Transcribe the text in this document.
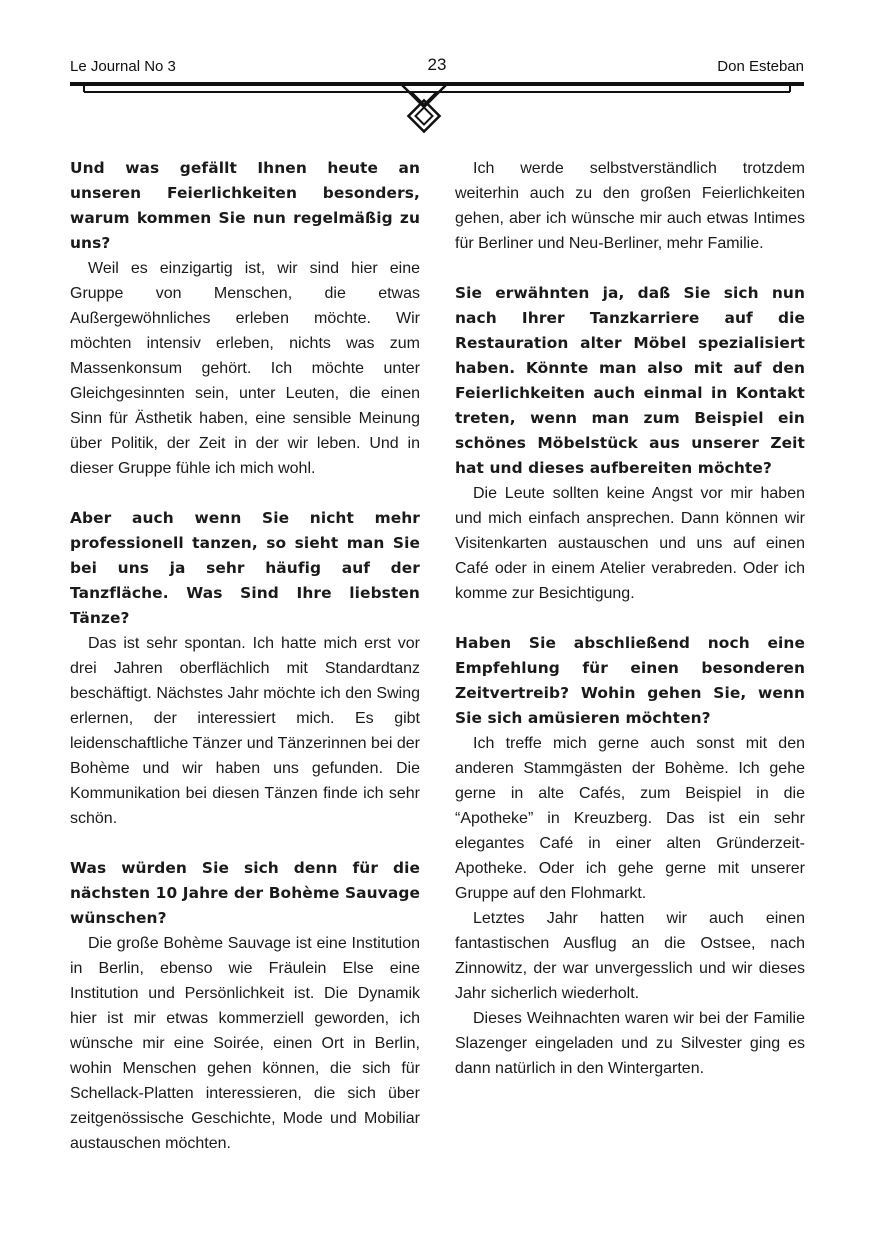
Le Journal No 3	23	Don Esteban

Und was gefällt Ihnen heute an unseren Feierlichkeiten besonders, warum kommen Sie nun regelmäßig zu uns?

Weil es einzigartig ist, wir sind hier eine Gruppe von Menschen, die etwas Außergewöhnliches erleben möchte. Wir möchten intensiv erleben, nichts was zum Massenkonsum gehört. Ich möchte unter Gleichgesinnten sein, unter Leuten, die einen Sinn für Ästhetik haben, eine sensible Meinung über Politik, der Zeit in der wir leben. Und in dieser Gruppe fühle ich mich wohl.

Aber auch wenn Sie nicht mehr professionell tanzen, so sieht man Sie bei uns ja sehr häufig auf der Tanzfläche. Was Sind Ihre liebsten Tänze?

Das ist sehr spontan. Ich hatte mich erst vor drei Jahren oberflächlich mit Standardtanz beschäftigt. Nächstes Jahr möchte ich den Swing erlernen, der interessiert mich. Es gibt leidenschaftliche Tänzer und Tänzerinnen bei der Bohème und wir haben uns gefunden. Die Kommunikation bei diesen Tänzen finde ich sehr schön.

Was würden Sie sich denn für die nächsten 10 Jahre der Bohème Sauvage wünschen?

Die große Bohème Sauvage ist eine Institution in Berlin, ebenso wie Fräulein Else eine Institution und Persönlichkeit ist. Die Dynamik hier ist mir etwas kommerziell geworden, ich wünsche mir eine Soirée, einen Ort in Berlin, wohin Menschen gehen können, die sich für Schellack-Platten interessieren, die sich über zeitgenössische Geschichte, Mode und Mobiliar austauschen möchten.

Ich werde selbstverständlich trotzdem weiterhin auch zu den großen Feierlichkeiten gehen, aber ich wünsche mir auch etwas Intimes für Berliner und Neu-Berliner, mehr Familie.

Sie erwähnten ja, daß Sie sich nun nach Ihrer Tanzkarriere auf die Restauration alter Möbel spezialisiert haben. Könnte man also mit auf den Feierlichkeiten auch einmal in Kontakt treten, wenn man zum Beispiel ein schönes Möbelstück aus unserer Zeit hat und dieses aufbereiten möchte?

Die Leute sollten keine Angst vor mir haben und mich einfach ansprechen. Dann können wir Visitenkarten austauschen und uns auf einen Café oder in einem Atelier verabreden. Oder ich komme zur Besichtigung.

Haben Sie abschließend noch eine Empfehlung für einen besonderen Zeitvertreib? Wohin gehen Sie, wenn Sie sich amüsieren möchten?

Ich treffe mich gerne auch sonst mit den anderen Stammgästen der Bohème. Ich gehe gerne in alte Cafés, zum Beispiel in die “Apotheke” in Kreuzberg. Das ist ein sehr elegantes Café in einer alten Gründerzeit-Apotheke. Oder ich gehe gerne mit unserer Gruppe auf den Flohmarkt.

Letztes Jahr hatten wir auch einen fantastischen Ausflug an die Ostsee, nach Zinnowitz, der war unvergesslich und wir dieses Jahr sicherlich wiederholt.

Dieses Weihnachten waren wir bei der Familie Slazenger eingeladen und zu Silvester ging es dann natürlich in den Wintergarten.
